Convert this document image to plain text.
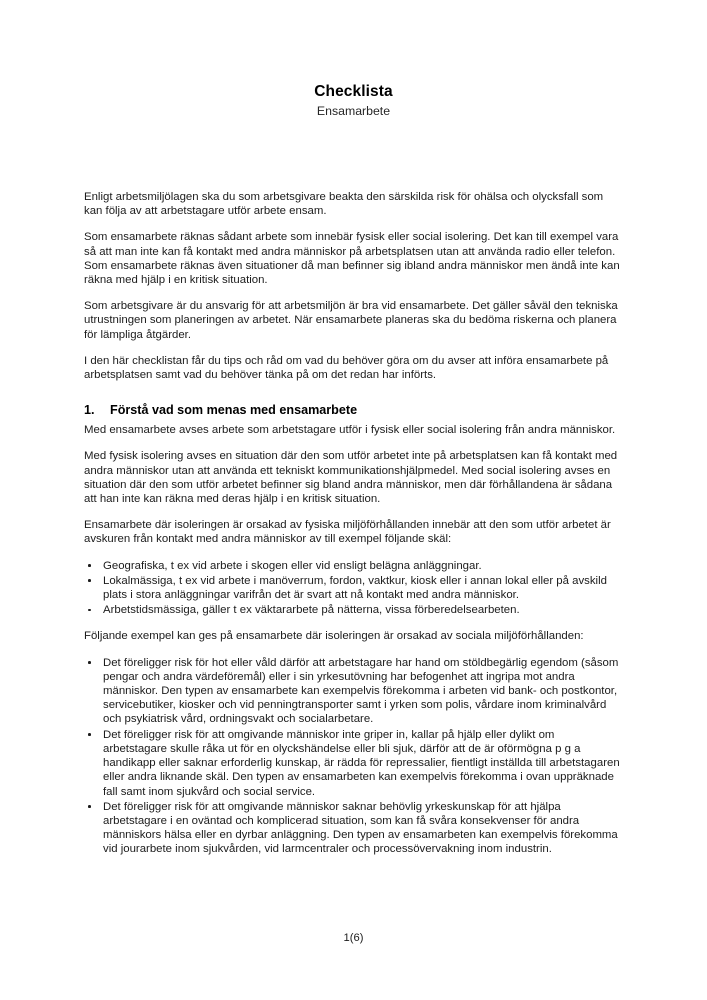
Checklista
Ensamarbete

Enligt arbetsmiljölagen ska du som arbetsgivare beakta den särskilda risk för ohälsa och olycksfall som kan följa av att arbetstagare utför arbete ensam.

Som ensamarbete räknas sådant arbete som innebär fysisk eller social isolering. Det kan till exempel vara så att man inte kan få kontakt med andra människor på arbetsplatsen utan att använda radio eller telefon. Som ensamarbete räknas även situationer då man befinner sig ibland andra människor men ändå inte kan räkna med hjälp i en kritisk situation.

Som arbetsgivare är du ansvarig för att arbetsmiljön är bra vid ensamarbete. Det gäller såväl den tekniska utrustningen som planeringen av arbetet. När ensamarbete planeras ska du bedöma riskerna och planera för lämpliga åtgärder.

I den här checklistan får du tips och råd om vad du behöver göra om du avser att införa ensamarbete på arbetsplatsen samt vad du behöver tänka på om det redan har införts.

1.	Förstå vad som menas med ensamarbete

Med ensamarbete avses arbete som arbetstagare utför i fysisk eller social isolering från andra människor.

Med fysisk isolering avses en situation där den som utför arbetet inte på arbetsplatsen kan få kontakt med andra människor utan att använda ett tekniskt kommunikationshjälpmedel. Med social isolering avses en situation där den som utför arbetet befinner sig bland andra människor, men där förhållandena är sådana att han inte kan räkna med deras hjälp i en kritisk situation.

Ensamarbete där isoleringen är orsakad av fysiska miljöförhållanden innebär att den som utför arbetet är avskuren från kontakt med andra människor av till exempel följande skäl:

Geografiska, t ex vid arbete i skogen eller vid ensligt belägna anläggningar.
Lokalmässiga, t ex vid arbete i manöverrum, fordon, vaktkur, kiosk eller i annan lokal eller på avskild plats i stora anläggningar varifrån det är svart att nå kontakt med andra människor.
Arbetstidsmässiga, gäller t ex väktararbete på nätterna, vissa förberedelsearbeten.

Följande exempel kan ges på ensamarbete där isoleringen är orsakad av sociala miljöförhållanden:

Det föreligger risk för hot eller våld därför att arbetstagare har hand om stöldbegärlig egendom (såsom pengar och andra värdeföremål) eller i sin yrkesutövning har befogenhet att ingripa mot andra människor. Den typen av ensamarbete kan exempelvis förekomma i arbeten vid bank- och postkontor, servicebutiker, kiosker och vid penningtransporter samt i yrken som polis, vårdare inom kriminalvård och psykiatrisk vård, ordningsvakt och socialarbetare.
Det föreligger risk för att omgivande människor inte griper in, kallar på hjälp eller dylikt om arbetstagare skulle råka ut för en olyckshändelse eller bli sjuk, därför att de är oförmögna p g a handikapp eller saknar erforderlig kunskap, är rädda för repressalier, fientligt inställda till arbetstagaren eller andra liknande skäl. Den typen av ensamarbeten kan exempelvis förekomma i ovan uppräknade fall samt inom sjukvård och social service.
Det föreligger risk för att omgivande människor saknar behövlig yrkeskunskap för att hjälpa arbetstagare i en oväntad och komplicerad situation, som kan få svåra konsekvenser för andra människors hälsa eller en dyrbar anläggning. Den typen av ensamarbeten kan exempelvis förekomma vid jourarbete inom sjukvården, vid larmcentraler och processövervakning inom industrin.
1(6)
